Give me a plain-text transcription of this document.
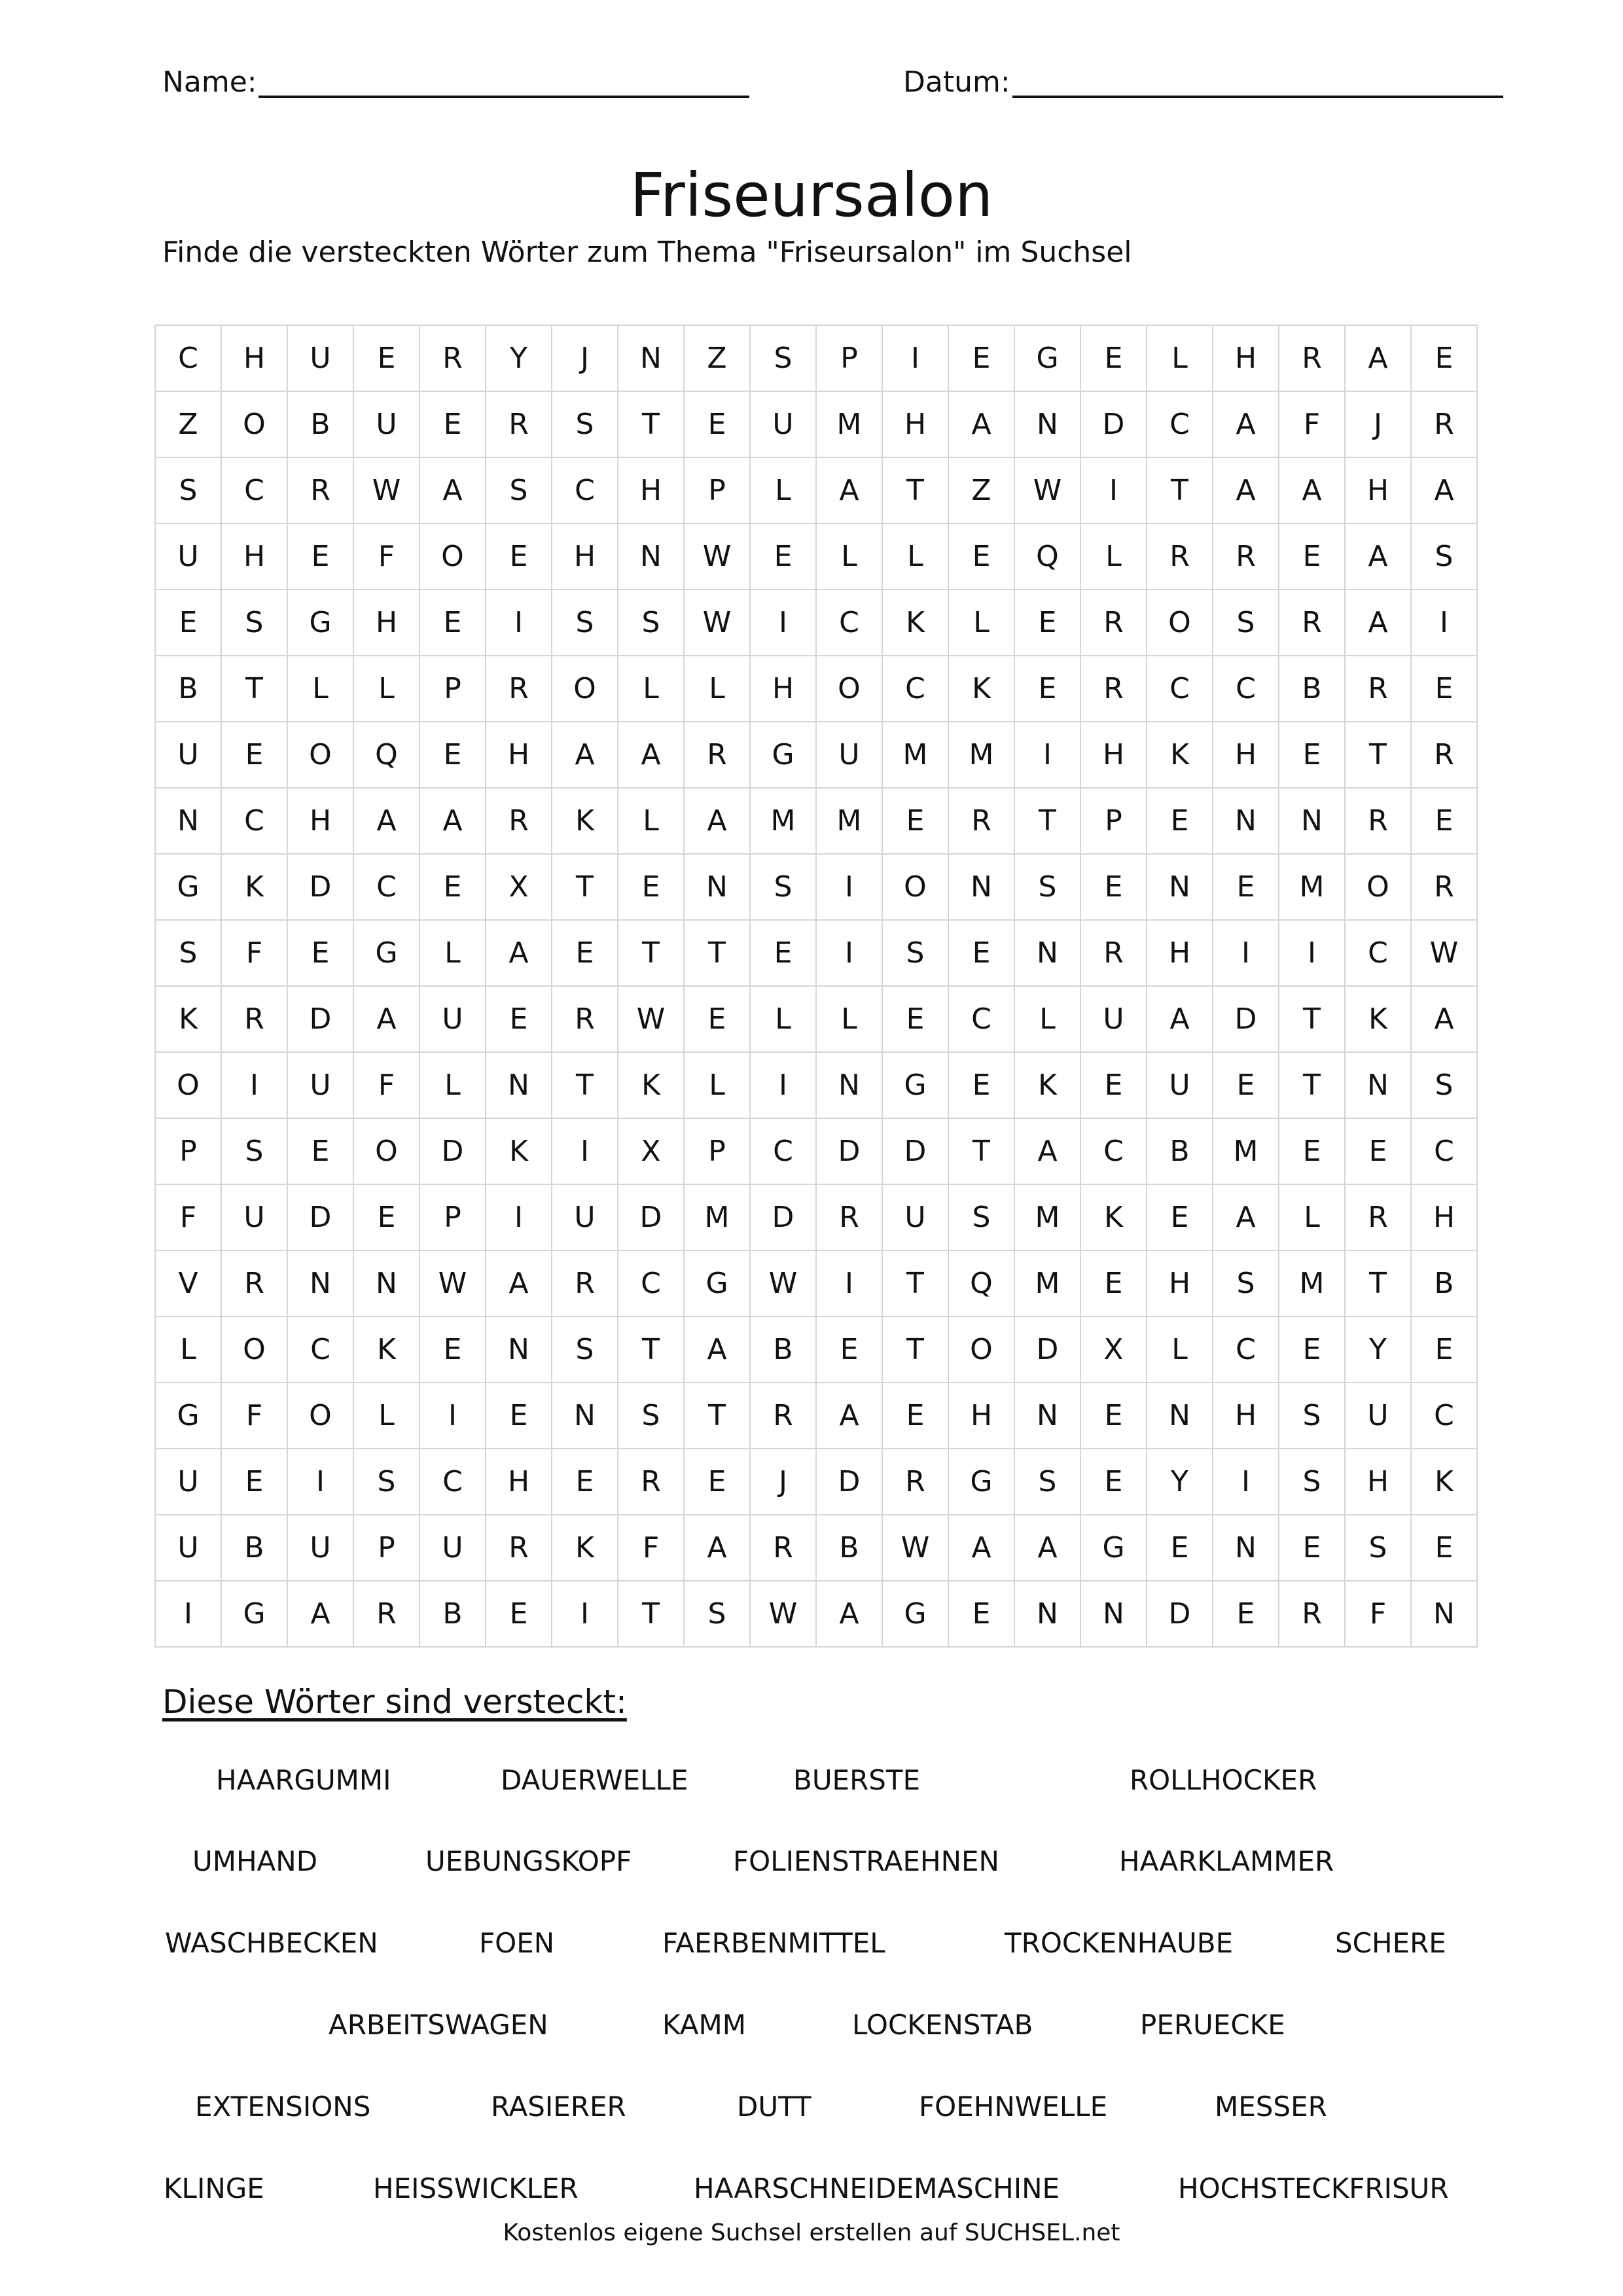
Name:	Datum:
Friseursalon
Finde die versteckten Wörter zum Thema "Friseursalon" im Suchsel
C	H	U	E	R	Y	J	N	Z	S	P	I	E	G	E	L	H	R	A	E
Z	O	B	U	E	R	S	T	E	U	M	H	A	N	D	C	A	F	J	R
S	C	R	W	A	S	C	H	P	L	A	T	Z	W	I	T	A	A	H	A
U	H	E	F	O	E	H	N	W	E	L	L	E	Q	L	R	R	E	A	S
E	S	G	H	E	I	S	S	W	I	C	K	L	E	R	O	S	R	A	I
B	T	L	L	P	R	O	L	L	H	O	C	K	E	R	C	C	B	R	E
U	E	O	Q	E	H	A	A	R	G	U	M	M	I	H	K	H	E	T	R
N	C	H	A	A	R	K	L	A	M	M	E	R	T	P	E	N	N	R	E
G	K	D	C	E	X	T	E	N	S	I	O	N	S	E	N	E	M	O	R
S	F	E	G	L	A	E	T	T	E	I	S	E	N	R	H	I	I	C	W
K	R	D	A	U	E	R	W	E	L	L	E	C	L	U	A	D	T	K	A
O	I	U	F	L	N	T	K	L	I	N	G	E	K	E	U	E	T	N	S
P	S	E	O	D	K	I	X	P	C	D	D	T	A	C	B	M	E	E	C
F	U	D	E	P	I	U	D	M	D	R	U	S	M	K	E	A	L	R	H
V	R	N	N	W	A	R	C	G	W	I	T	Q	M	E	H	S	M	T	B
L	O	C	K	E	N	S	T	A	B	E	T	O	D	X	L	C	E	Y	E
G	F	O	L	I	E	N	S	T	R	A	E	H	N	E	N	H	S	U	C
U	E	I	S	C	H	E	R	E	J	D	R	G	S	E	Y	I	S	H	K
U	B	U	P	U	R	K	F	A	R	B	W	A	A	G	E	N	E	S	E
I	G	A	R	B	E	I	T	S	W	A	G	E	N	N	D	E	R	F	N
Diese Wörter sind versteckt:
HAARGUMMI	DAUERWELLE	BUERSTE	ROLLHOCKER
UMHAND	UEBUNGSKOPF	FOLIENSTRAEHNEN	HAARKLAMMER
WASCHBECKEN	FOEN	FAERBENMITTEL	TROCKENHAUBE	SCHERE
ARBEITSWAGEN	KAMM	LOCKENSTAB	PERUECKE
EXTENSIONS	RASIERER	DUTT	FOEHNWELLE	MESSER
KLINGE	HEISSWICKLER	HAARSCHNEIDEMASCHINE	HOCHSTECKFRISUR
Kostenlos eigene Suchsel erstellen auf SUCHSEL.net
